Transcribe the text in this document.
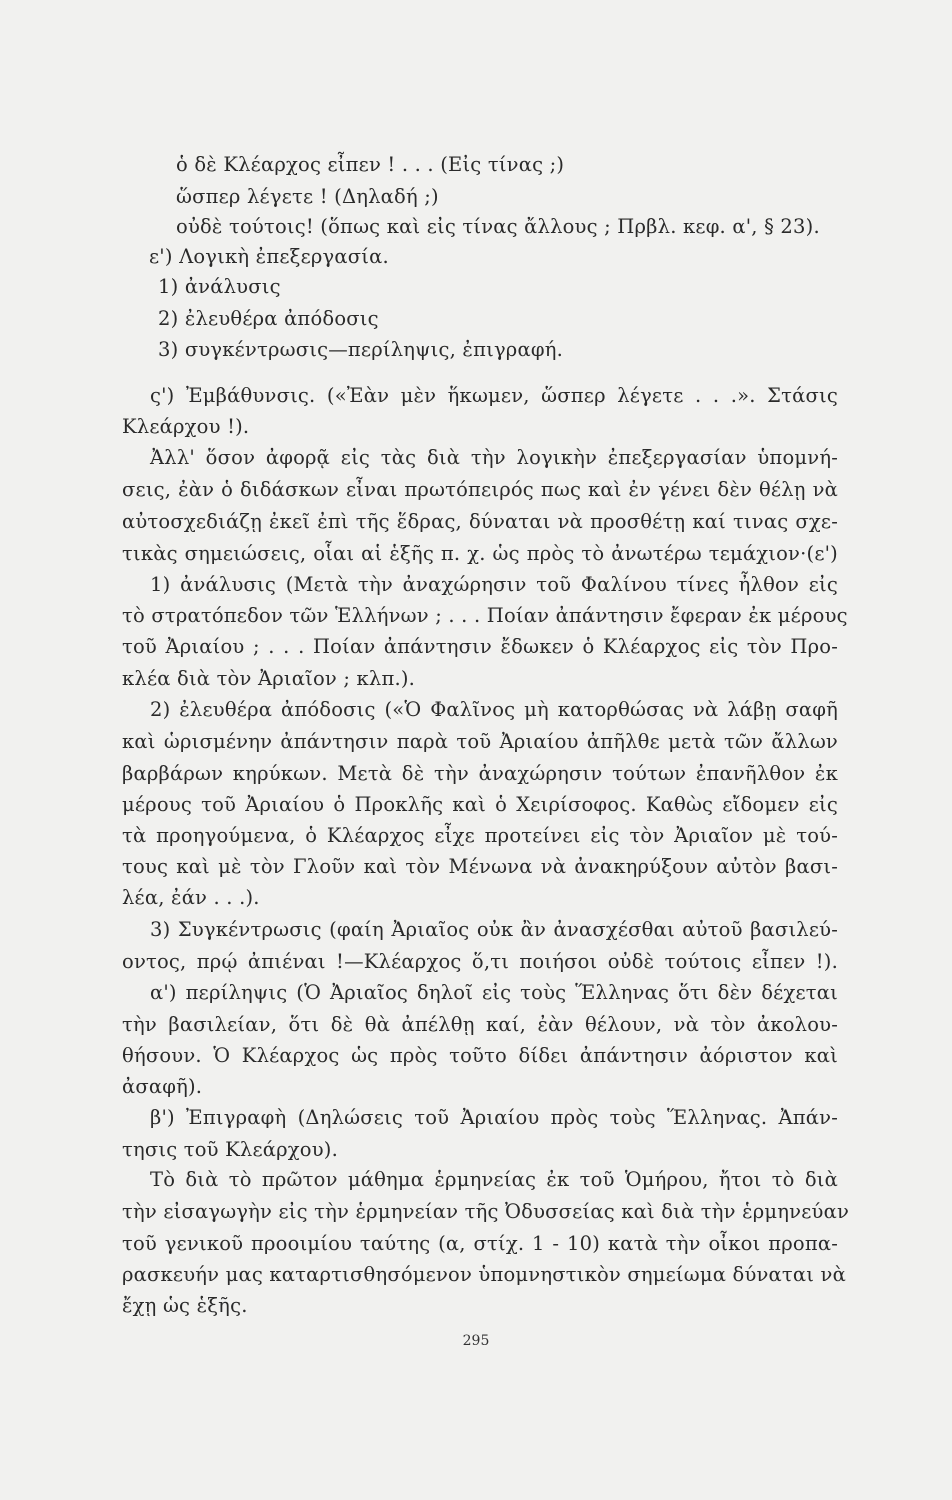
ὁ δὲ Κλέαρχος εἶπεν ! . . . (Εἰς τίνας ;)
ὥσπερ λέγετε ! (Δηλαδή ;)
οὐδὲ τούτοις! (ὅπως καὶ εἰς τίνας ἄλλους ; Πρβλ. κεφ. α', § 23).
ε') Λογικὴ ἐπεξεργασία.
1) ἀνάλυσις
2) ἐλευθέρα ἀπόδοσις
3) συγκέντρωσις—περίληψις, ἐπιγραφή.
ς') Ἐμβάθυνσις. («Ἐὰν μὲν ἥκωμεν, ὥσπερ λέγετε . . .». Στάσις
Κλεάρχου !).
Ἀλλ' ὅσον ἀφορᾷ εἰς τὰς διὰ τὴν λογικὴν ἐπεξεργασίαν ὑπομνή-
σεις, ἐὰν ὁ διδάσκων εἶναι πρωτόπειρός πως καὶ ἐν γένει δὲν θέλῃ νὰ
αὐτοσχεδιάζῃ ἐκεῖ ἐπὶ τῆς ἕδρας, δύναται νὰ προσθέτῃ καί τινας σχε-
τικὰς σημειώσεις, οἷαι αἱ ἑξῆς π. χ. ὡς πρὸς τὸ ἀνωτέρω τεμάχιον·(ε')
1) ἀνάλυσις (Μετὰ τὴν ἀναχώρησιν τοῦ Φαλίνου τίνες ἦλθον εἰς
τὸ στρατόπεδον τῶν Ἑλλήνων ; . . . Ποίαν ἀπάντησιν ἔφεραν ἐκ μέρους
τοῦ Ἀριαίου ; . . . Ποίαν ἀπάντησιν ἔδωκεν ὁ Κλέαρχος εἰς τὸν Προ-
κλέα διὰ τὸν Ἀριαῖον ; κλπ.).
2) ἐλευθέρα ἀπόδοσις («Ὁ Φαλῖνος μὴ κατορθώσας νὰ λάβῃ σαφῆ
καὶ ὡρισμένην ἀπάντησιν παρὰ τοῦ Ἀριαίου ἀπῆλθε μετὰ τῶν ἄλλων
βαρβάρων κηρύκων. Μετὰ δὲ τὴν ἀναχώρησιν τούτων ἐπανῆλθον ἐκ
μέρους τοῦ Ἀριαίου ὁ Προκλῆς καὶ ὁ Χειρίσοφος. Καθὼς εἴδομεν εἰς
τὰ προηγούμενα, ὁ Κλέαρχος εἶχε προτείνει εἰς τὸν Ἀριαῖον μὲ τού-
τους καὶ μὲ τὸν Γλοῦν καὶ τὸν Μένωνα νὰ ἀνακηρύξουν αὐτὸν βασι-
λέα, ἐάν . . .).
3) Συγκέντρωσις (φαίη Ἀριαῖος οὐκ ἂν ἀνασχέσθαι αὐτοῦ βασιλεύ-
οντος, πρῴ ἀπιέναι !—Κλέαρχος ὅ,τι ποιήσοι οὐδὲ τούτοις εἶπεν !).
α') περίληψις (Ὁ Ἀριαῖος δηλοῖ εἰς τοὺς Ἕλληνας ὅτι δὲν δέχεται
τὴν βασιλείαν, ὅτι δὲ θὰ ἀπέλθῃ καί, ἐὰν θέλουν, νὰ τὸν ἀκολου-
θήσουν. Ὁ Κλέαρχος ὡς πρὸς τοῦτο δίδει ἀπάντησιν ἀόριστον καὶ
ἀσαφῆ).
β') Ἐπιγραφὴ (Δηλώσεις τοῦ Ἀριαίου πρὸς τοὺς Ἕλληνας. Ἀπάν-
τησις τοῦ Κλεάρχου).
Τὸ διὰ τὸ πρῶτον μάθημα ἑρμηνείας ἐκ τοῦ Ὁμήρου, ἤτοι τὸ διὰ
τὴν εἰσαγωγὴν εἰς τὴν ἑρμηνείαν τῆς Ὀδυσσείας καὶ διὰ τὴν ἑρμηνεύαν
τοῦ γενικοῦ προοιμίου ταύτης (α, στίχ. 1 - 10) κατὰ τὴν οἶκοι προπα-
ρασκευήν μας καταρτισθησόμενον ὑπομνηστικὸν σημείωμα δύναται νὰ
ἔχῃ ὡς ἑξῆς.
295
